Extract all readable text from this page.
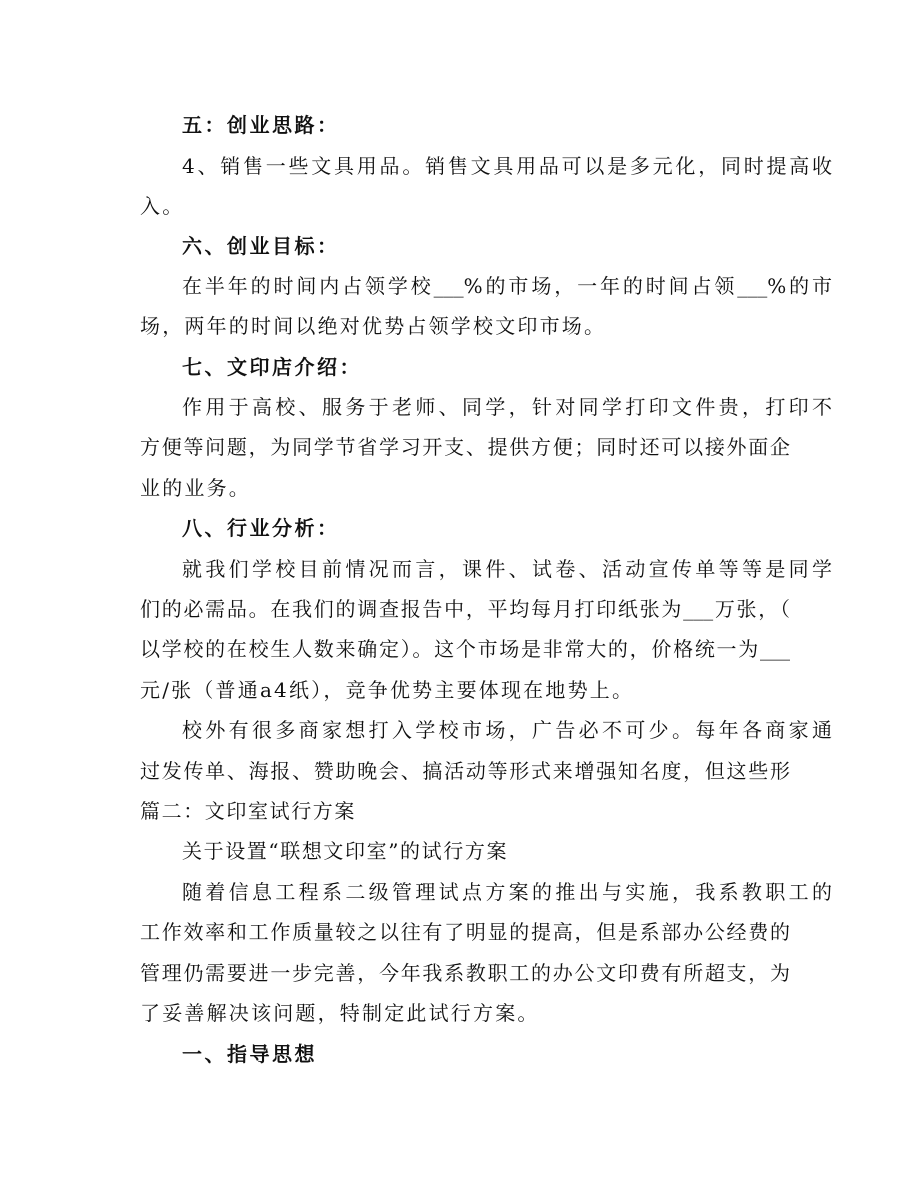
五：创业思路：
4、销售一些文具用品。销售文具用品可以是多元化，同时提高收
入。
六、创业目标：
在半年的时间内占领学校___%的市场，一年的时间占领___%的市
场，两年的时间以绝对优势占领学校文印市场。
七、文印店介绍：
作用于高校、服务于老师、同学，针对同学打印文件贵，打印不
方便等问题，为同学节省学习开支、提供方便；同时还可以接外面企
业的业务。
八、行业分析：
就我们学校目前情况而言，课件、试卷、活动宣传单等等是同学
们的必需品。在我们的调查报告中，平均每月打印纸张为___万张，（
以学校的在校生人数来确定）。这个市场是非常大的，价格统一为___
元/张（普通a4纸），竞争优势主要体现在地势上。
校外有很多商家想打入学校市场，广告必不可少。每年各商家通
过发传单、海报、赞助晚会、搞活动等形式来增强知名度，但这些形
篇二：文印室试行方案
关于设置“联想文印室”的试行方案
随着信息工程系二级管理试点方案的推出与实施，我系教职工的
工作效率和工作质量较之以往有了明显的提高，但是系部办公经费的
管理仍需要进一步完善，今年我系教职工的办公文印费有所超支，为
了妥善解决该问题，特制定此试行方案。
一、指导思想
